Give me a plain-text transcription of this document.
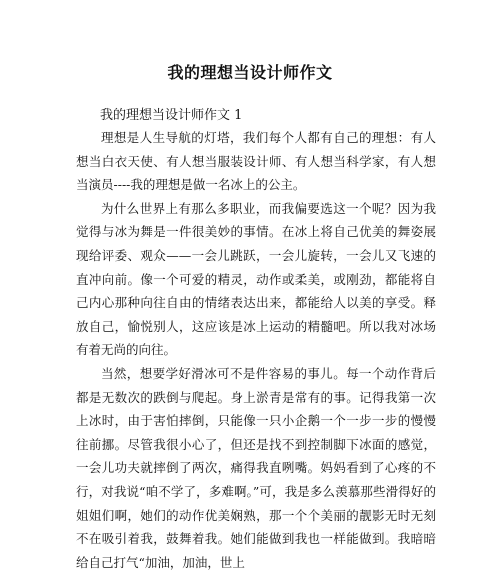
我的理想当设计师作文
我的理想当设计师作文 1

理想是人生导航的灯塔，我们每个人都有自己的理想：有人想当白衣天使、有人想当服装设计师、有人想当科学家，有人想当演员----我的理想是做一名冰上的公主。

为什么世界上有那么多职业，而我偏要选这一个呢？因为我觉得与冰为舞是一件很美妙的事情。在冰上将自己优美的舞姿展现给评委、观众——一会儿跳跃，一会儿旋转，一会儿又飞速的直冲向前。像一个可爱的精灵，动作或柔美，或刚劲，都能将自己内心那种向往自由的情绪表达出来，都能给人以美的享受。释放自己，愉悦别人，这应该是冰上运动的精髓吧。所以我对冰场有着无尚的向往。

当然，想要学好滑冰可不是件容易的事儿。每一个动作背后都是无数次的跌倒与爬起。身上淤青是常有的事。记得我第一次上冰时，由于害怕摔倒，只能像一只小企鹅一个一步一步的慢慢往前挪。尽管我很小心了，但还是找不到控制脚下冰面的感觉，一会儿功夫就摔倒了两次，痛得我直咧嘴。妈妈看到了心疼的不行，对我说“咱不学了，多难啊。”可，我是多么羡慕那些滑得好的姐姐们啊，她们的动作优美娴熟，那一个个美丽的靓影无时无刻不在吸引着我，鼓舞着我。她们能做到我也一样能做到。我暗暗给自己打气“加油，加油，世上
